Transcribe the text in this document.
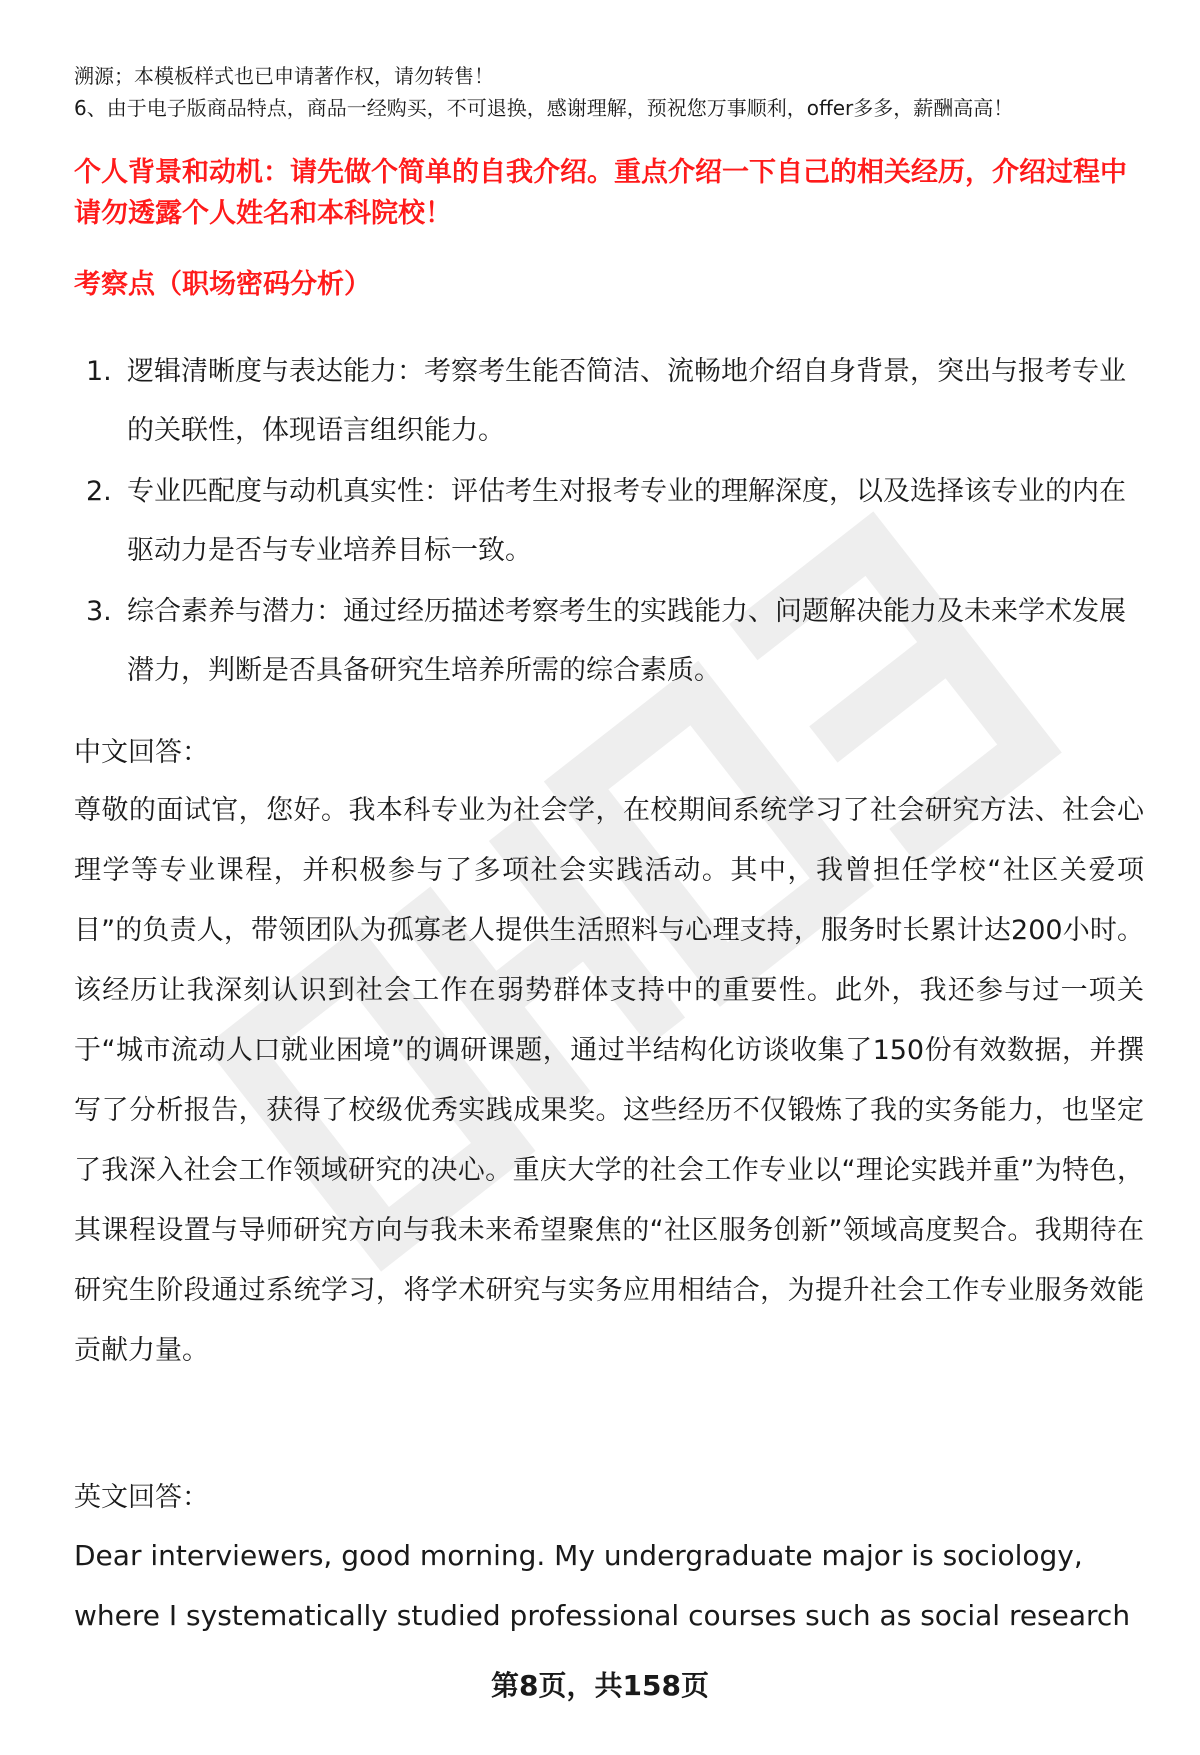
溯源；本模板样式也已申请著作权，请勿转售！

6、由于电子版商品特点，商品一经购买，不可退换，感谢理解，预祝您万事顺利，offer多多，薪酬高高！

个人背景和动机：请先做个简单的自我介绍。重点介绍一下自己的相关经历，介绍过程中请勿透露个人姓名和本科院校！
考察点（职场密码分析）
1. 逻辑清晰度与表达能力：考察考生能否简洁、流畅地介绍自身背景，突出与报考专业的关联性，体现语言组织能力。
2. 专业匹配度与动机真实性：评估考生对报考专业的理解深度，以及选择该专业的内在驱动力是否与专业培养目标一致。
3. 综合素养与潜力：通过经历描述考察考生的实践能力、问题解决能力及未来学术发展潜力，判断是否具备研究生培养所需的综合素质。
中文回答：

尊敬的面试官，您好。我本科专业为社会学，在校期间系统学习了社会研究方法、社会心理学等专业课程，并积极参与了多项社会实践活动。其中，我曾担任学校“社区关爱项目”的负责人，带领团队为孤寡老人提供生活照料与心理支持，服务时长累计达200小时。该经历让我深刻认识到社会工作在弱势群体支持中的重要性。此外，我还参与过一项关于“城市流动人口就业困境”的调研课题，通过半结构化访谈收集了150份有效数据，并撰写了分析报告，获得了校级优秀实践成果奖。这些经历不仅锻炼了我的实务能力，也坚定了我深入社会工作领域研究的决心。重庆大学的社会工作专业以“理论实践并重”为特色，其课程设置与导师研究方向与我未来希望聚焦的“社区服务创新”领域高度契合。我期待在研究生阶段通过系统学习，将学术研究与实务应用相结合，为提升社会工作专业服务效能贡献力量。

英文回答：

Dear interviewers, good morning. My undergraduate major is sociology, where I systematically studied professional courses such as social research

第8页，共158页
